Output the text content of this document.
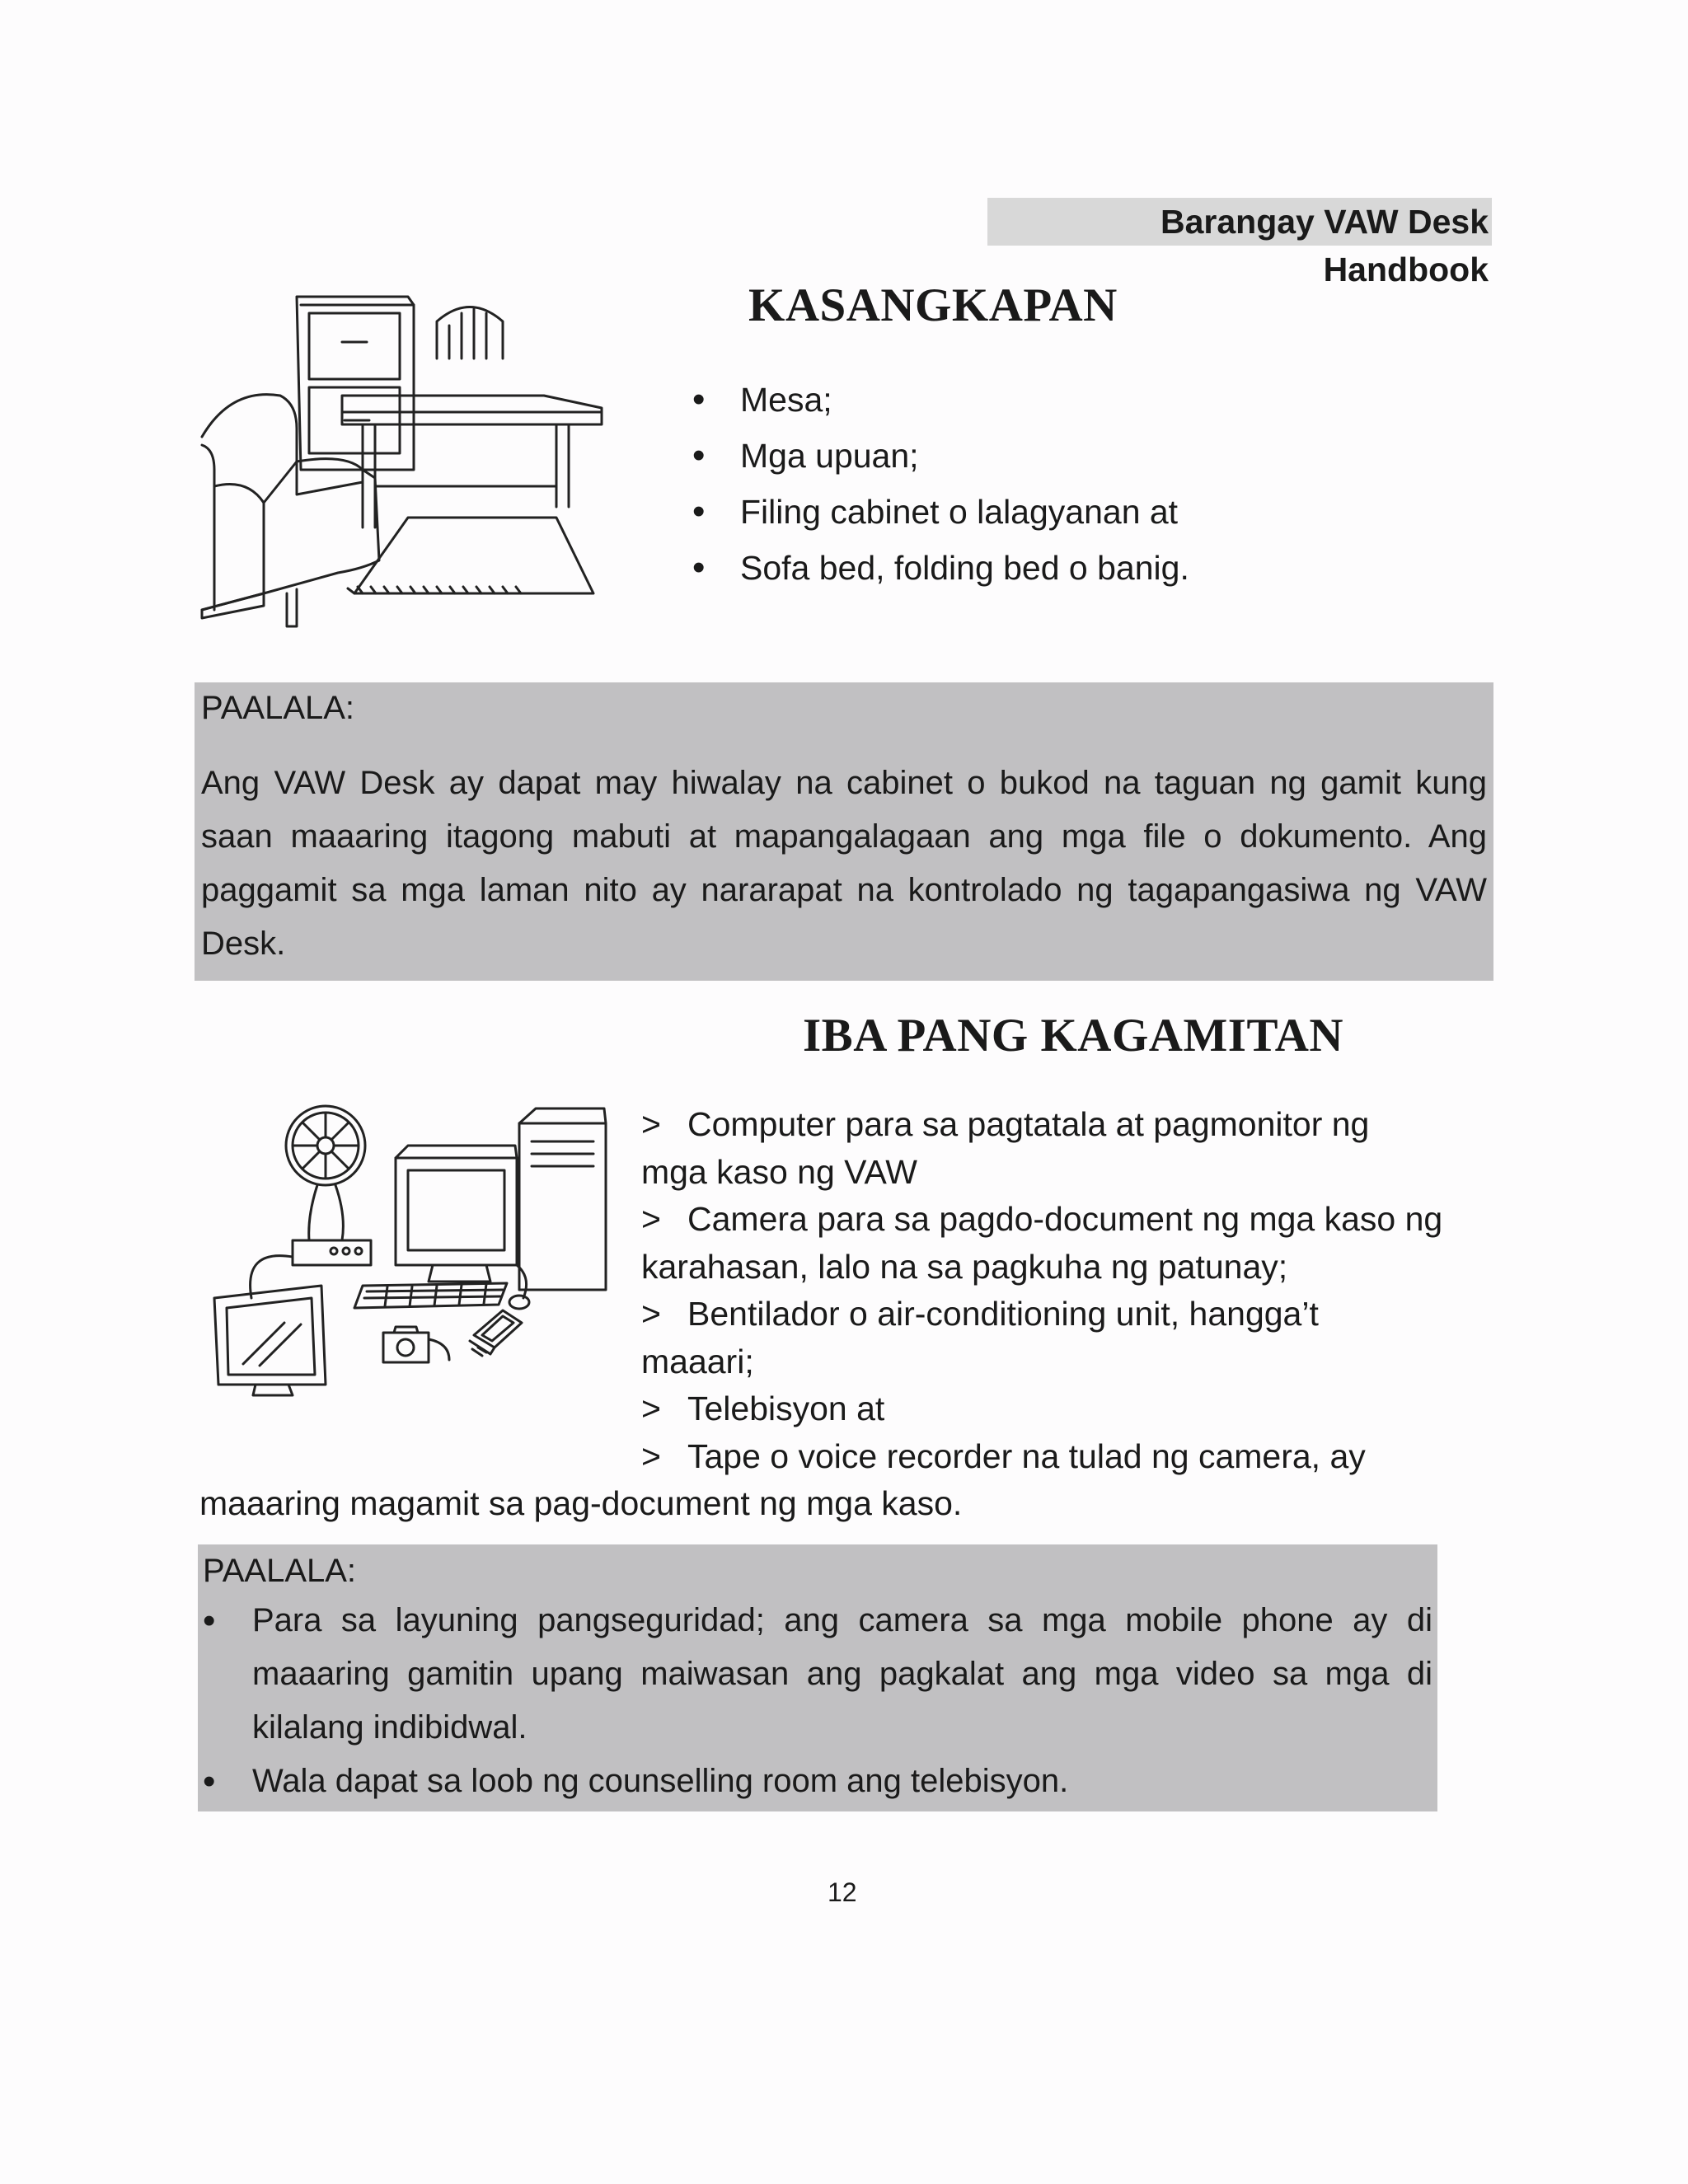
Barangay VAW Desk Handbook
KASANGKAPAN
• Mesa;
• Mga upuan;
• Filing cabinet o lalagyanan at
• Sofa bed, folding bed o banig.
PAALALA:
Ang VAW Desk ay dapat may hiwalay na cabinet o bukod na taguan ng gamit kung saan maaaring itagong mabuti at mapangalagaan ang mga file o dokumento. Ang paggamit sa mga laman nito ay nararapat na kontrolado ng tagapangasiwa ng VAW Desk.
IBA PANG KAGAMITAN
> Computer para sa pagtatala at pagmonitor ng
mga kaso ng VAW
> Camera para sa pagdo-document ng mga kaso ng
karahasan, lalo na sa pagkuha ng patunay;
> Bentilador o air-conditioning unit, hangga’t
maaari;
> Telebisyon at
> Tape o voice recorder na tulad ng camera, ay
maaaring magamit sa pag-document ng mga kaso.
PAALALA:
• Para sa layuning pangseguridad; ang camera sa mga mobile phone ay di maaaring gamitin upang maiwasan ang pagkalat ang mga video sa mga di kilalang indibidwal.
• Wala dapat sa loob ng counselling room ang telebisyon.
12
